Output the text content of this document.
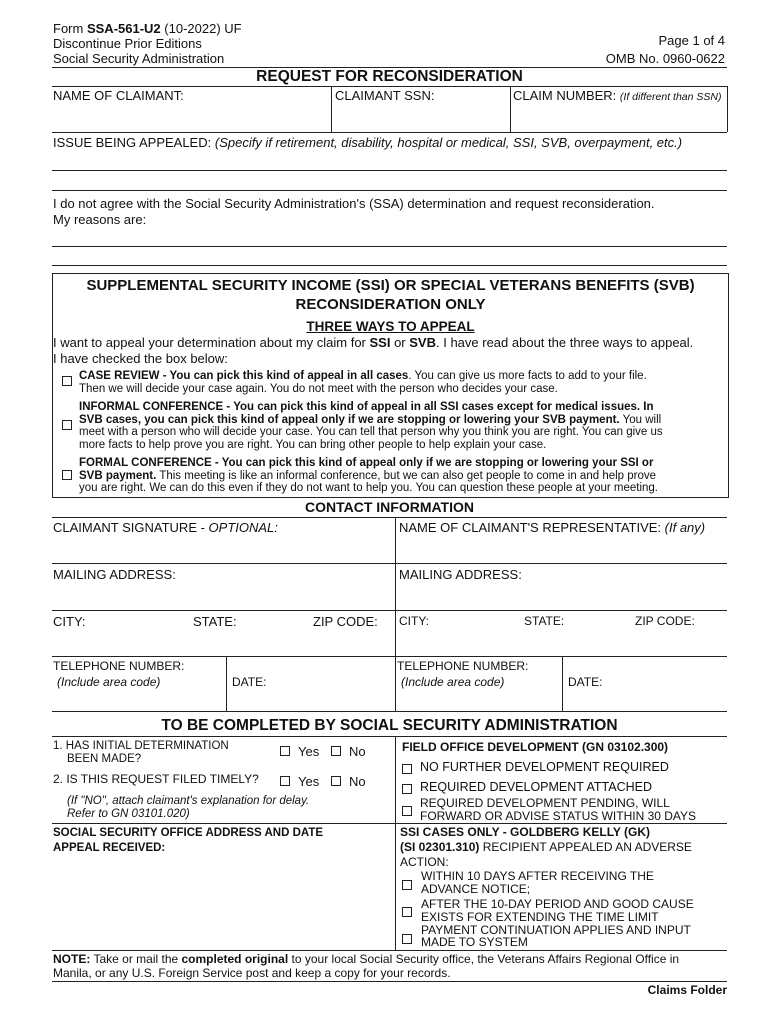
Form SSA-561-U2 (10-2022) UF
Discontinue Prior Editions
Social Security Administration
Page 1 of 4
OMB No. 0960-0622
REQUEST FOR RECONSIDERATION
NAME OF CLAIMANT:	CLAIMANT SSN:	CLAIM NUMBER: (If different than SSN)
ISSUE BEING APPEALED: (Specify if retirement, disability, hospital or medical, SSI, SVB, overpayment, etc.)
I do not agree with the Social Security Administration's (SSA) determination and request reconsideration.
My reasons are:
SUPPLEMENTAL SECURITY INCOME (SSI) OR SPECIAL VETERANS BENEFITS (SVB)
RECONSIDERATION ONLY
THREE WAYS TO APPEAL
I want to appeal your determination about my claim for SSI or SVB. I have read about the three ways to appeal.
I have checked the box below:
CASE REVIEW - You can pick this kind of appeal in all cases. You can give us more facts to add to your file.
Then we will decide your case again. You do not meet with the person who decides your case.
INFORMAL CONFERENCE - You can pick this kind of appeal in all SSI cases except for medical issues. In
SVB cases, you can pick this kind of appeal only if we are stopping or lowering your SVB payment. You will
meet with a person who will decide your case. You can tell that person why you think you are right. You can give us
more facts to help prove you are right. You can bring other people to help explain your case.
FORMAL CONFERENCE - You can pick this kind of appeal only if we are stopping or lowering your SSI or
SVB payment. This meeting is like an informal conference, but we can also get people to come in and help prove
you are right. We can do this even if they do not want to help you. You can question these people at your meeting.
CONTACT INFORMATION
CLAIMANT SIGNATURE - OPTIONAL:	NAME OF CLAIMANT'S REPRESENTATIVE: (If any)
MAILING ADDRESS:	MAILING ADDRESS:
CITY:	STATE:	ZIP CODE: CITY:	STATE:	ZIP CODE:
TELEPHONE NUMBER:
(Include area code)	DATE:
TELEPHONE NUMBER:
(Include area code)	DATE:
TO BE COMPLETED BY SOCIAL SECURITY ADMINISTRATION
1. HAS INITIAL DETERMINATION
BEEN MADE?	Yes No
2. IS THIS REQUEST FILED TIMELY?	Yes No
(If "NO", attach claimant's explanation for delay.
Refer to GN 03101.020)
SOCIAL SECURITY OFFICE ADDRESS AND DATE
APPEAL RECEIVED:
FIELD OFFICE DEVELOPMENT (GN 03102.300)
NO FURTHER DEVELOPMENT REQUIRED
REQUIRED DEVELOPMENT ATTACHED
REQUIRED DEVELOPMENT PENDING, WILL
FORWARD OR ADVISE STATUS WITHIN 30 DAYS
SSI CASES ONLY - GOLDBERG KELLY (GK)
(SI 02301.310) RECIPIENT APPEALED AN ADVERSE
ACTION:
WITHIN 10 DAYS AFTER RECEIVING THE
ADVANCE NOTICE;
AFTER THE 10-DAY PERIOD AND GOOD CAUSE
EXISTS FOR EXTENDING THE TIME LIMIT
PAYMENT CONTINUATION APPLIES AND INPUT
MADE TO SYSTEM
NOTE: Take or mail the completed original to your local Social Security office, the Veterans Affairs Regional Office in
Manila, or any U.S. Foreign Service post and keep a copy for your records.
Claims Folder
